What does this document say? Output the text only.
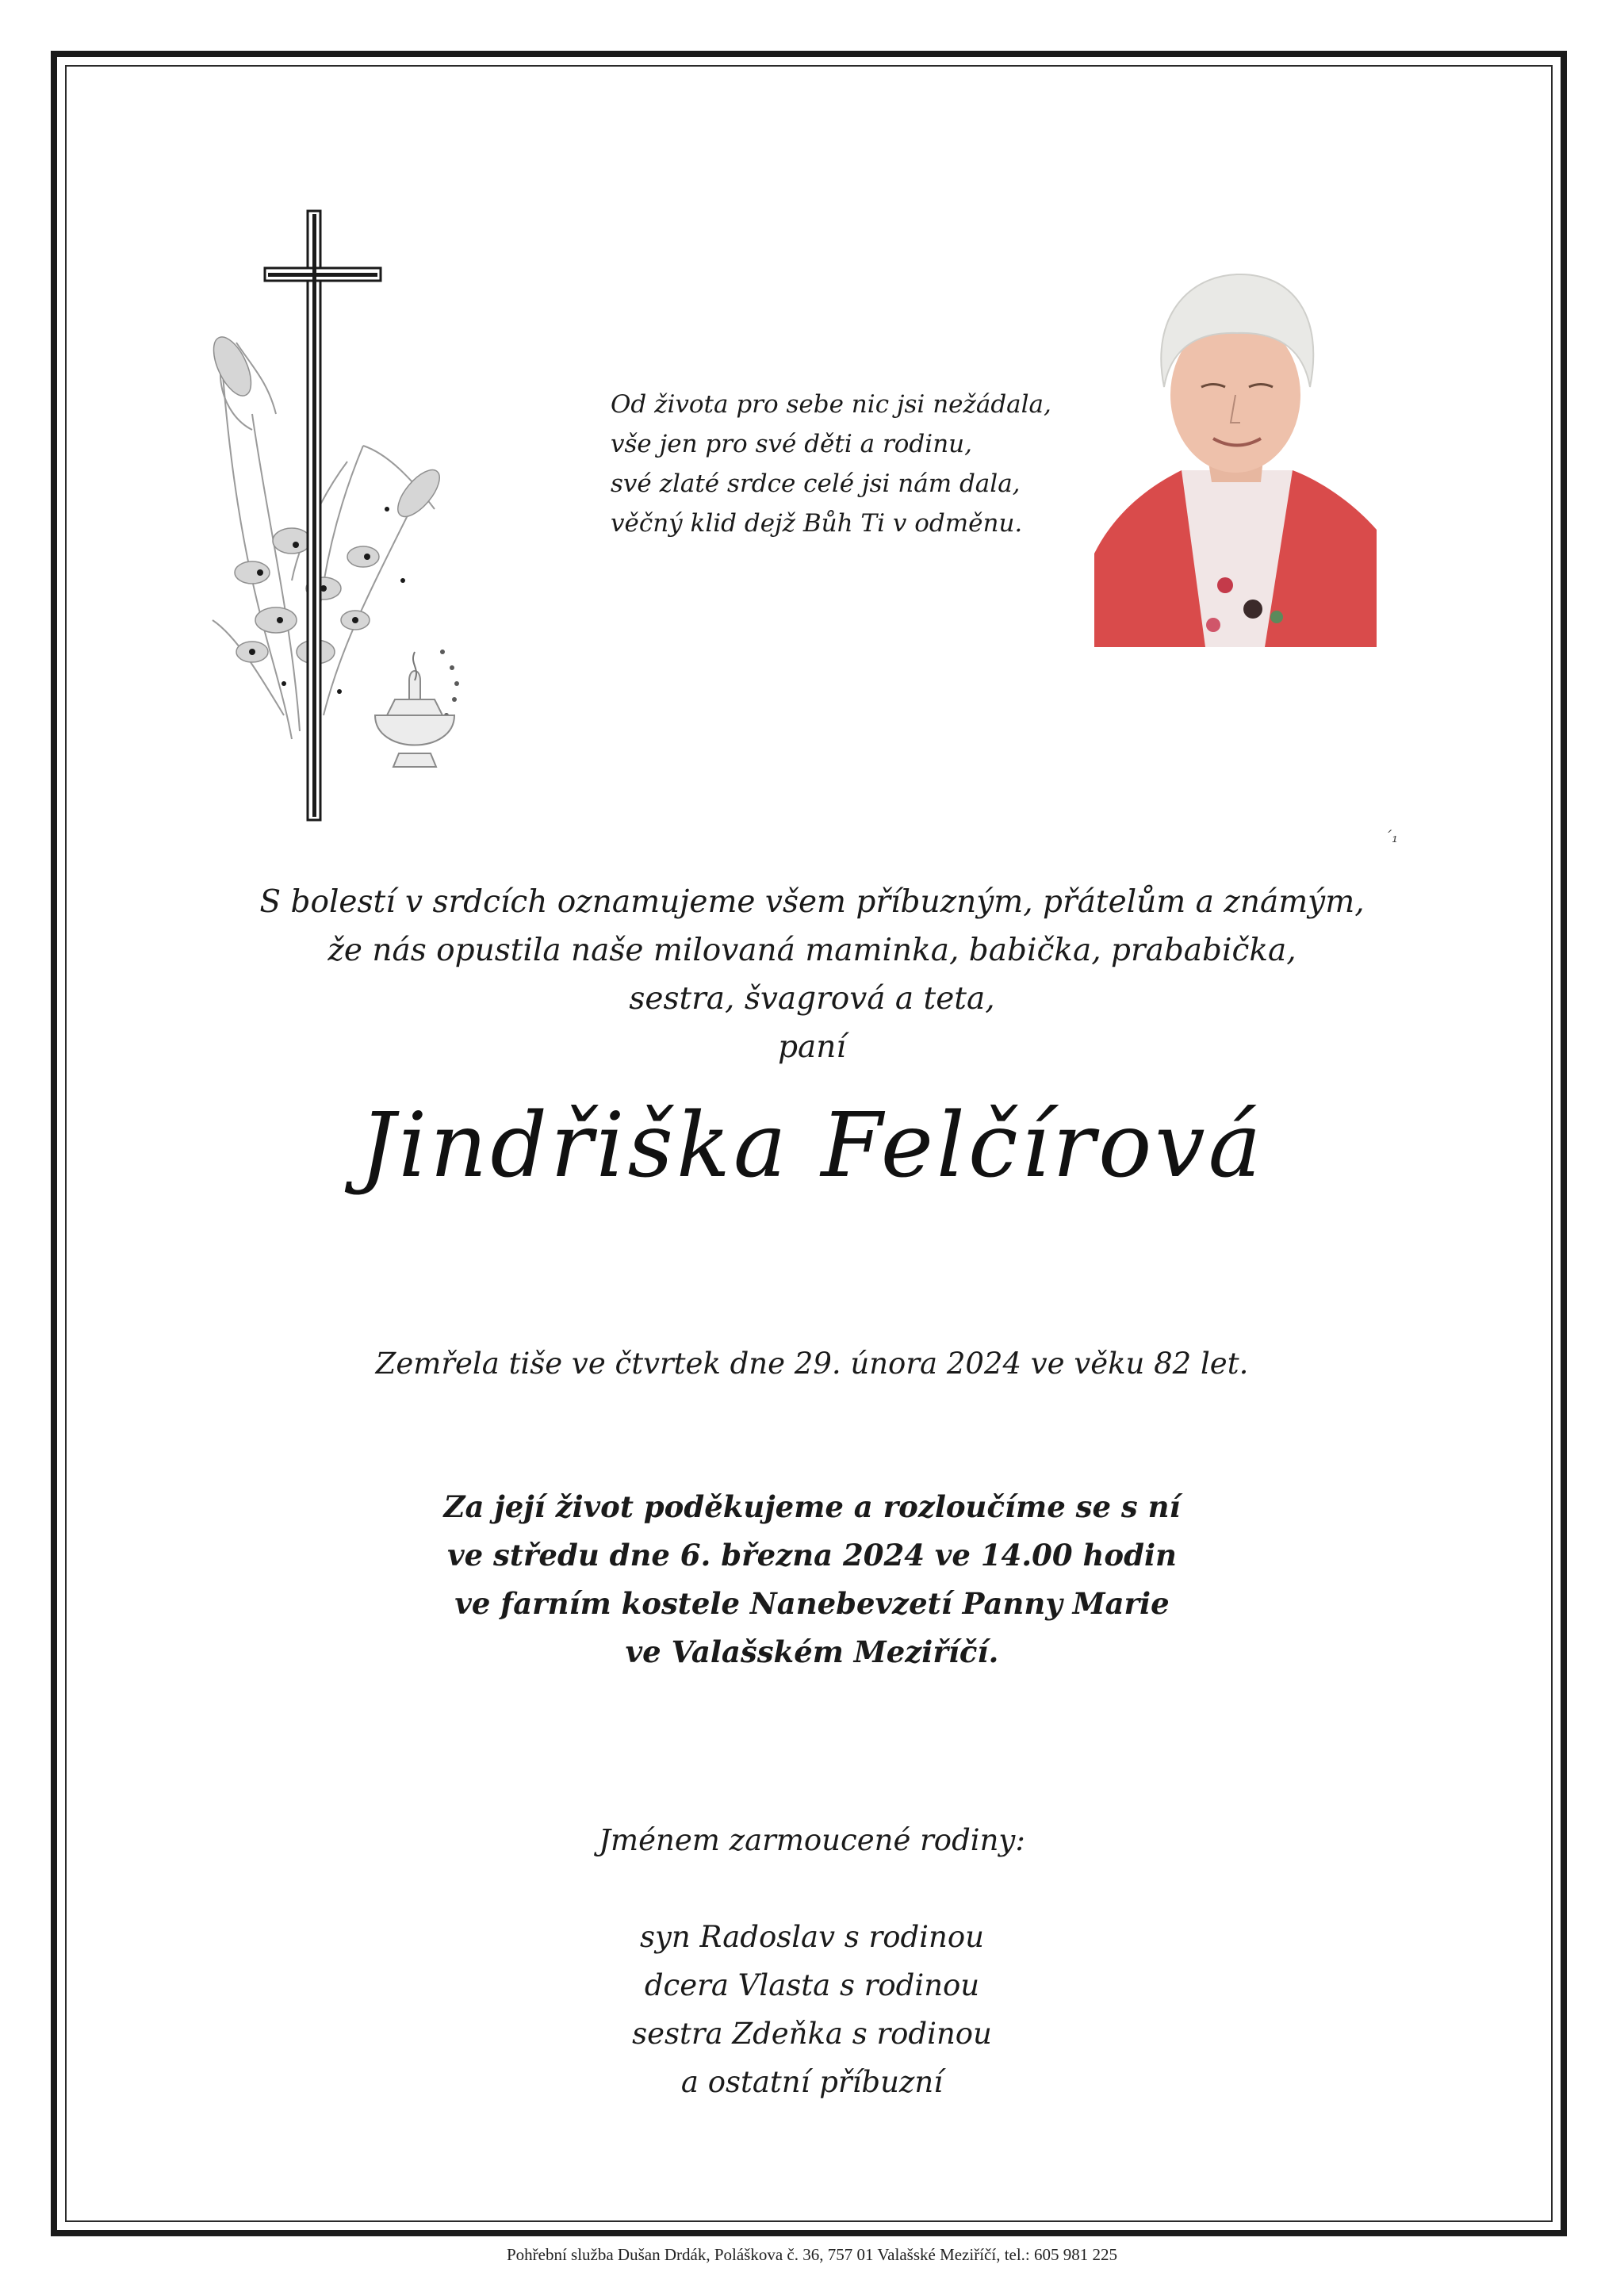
Od života pro sebe nic jsi nežádala,
vše jen pro své děti a rodinu,
své zlaté srdce celé jsi nám dala,
věčný klid dejž Bůh Ti v odměnu.
ˊ₁
S bolestí v srdcích oznamujeme všem příbuzným, přátelům a známým,
že nás opustila naše milovaná maminka, babička, prababička,
sestra, švagrová a teta,
paní
Jindřiška Felčírová
Zemřela tiše ve čtvrtek dne 29. února 2024 ve věku 82 let.
Za její život poděkujeme a rozloučíme se s ní
ve středu dne 6. března 2024 ve 14.00 hodin
ve farním kostele Nanebevzetí Panny Marie
ve Valašském Meziříčí.
Jménem zarmoucené rodiny:
syn Radoslav s rodinou
dcera Vlasta s rodinou
sestra Zdeňka s rodinou
a ostatní příbuzní
Pohřební služba Dušan Drdák, Poláškova č. 36, 757 01 Valašské Meziříčí, tel.: 605 981 225
